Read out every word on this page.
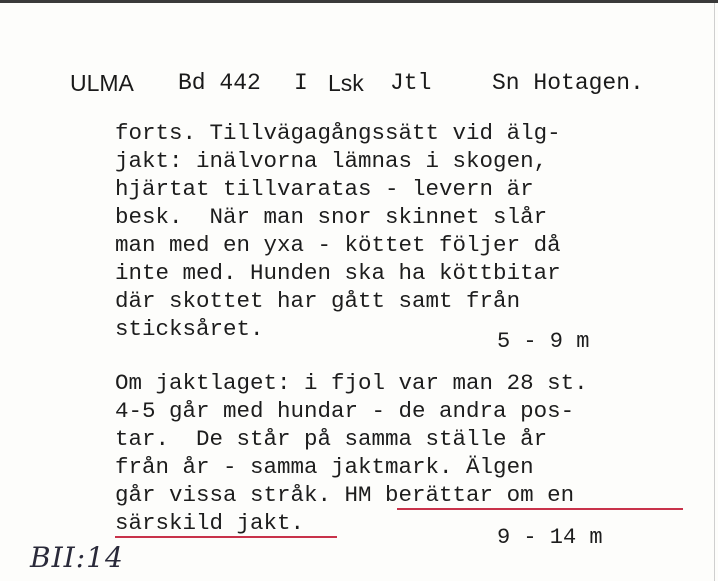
ULMA Bd 442 I Lsk Jtl	Sn Hotagen.
forts. Tillvägagångssätt vid älg-
jakt: inälvorna lämnas i skogen,
hjärtat tillvaratas - levern är
besk.  När man snor skinnet slår
man med en yxa - köttet följer då
inte med. Hunden ska ha köttbitar
där skottet har gått samt från
sticksåret.	5 - 9 m
Om jaktlaget: i fjol var man 28 st.
4-5 går med hundar - de andra pos-
tar.  De står på samma ställe år
från år - samma jaktmark. Älgen
går vissa stråk. HM berättar om en
särskild jakt.
9 - 14 m
BII:14
